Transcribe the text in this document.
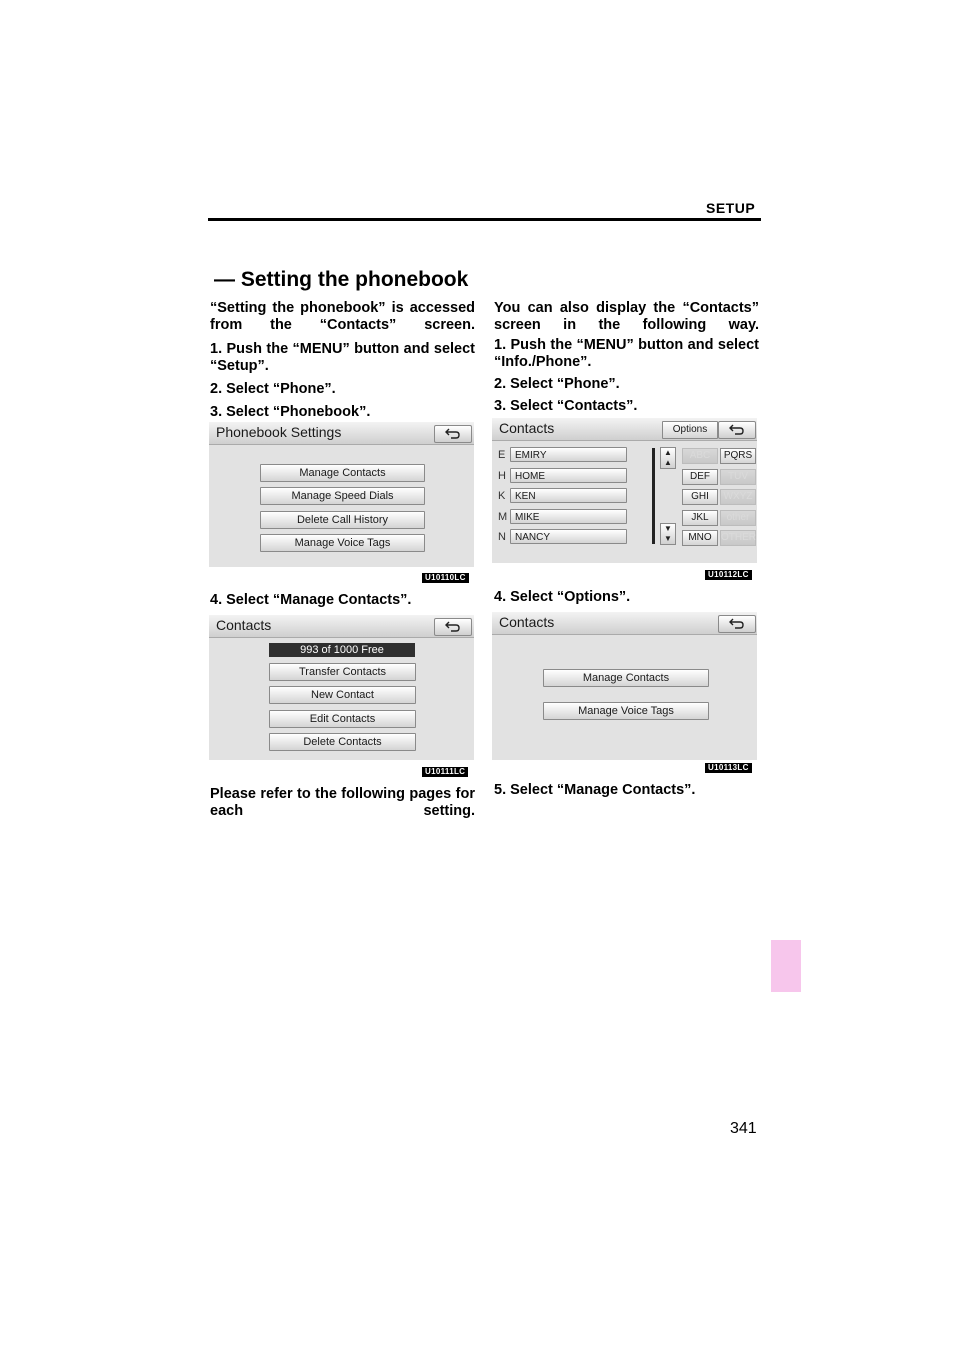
SETUP
— Setting the phonebook
“Setting the phonebook” is accessed from the “Contacts” screen.
1. Push the “MENU” button and select “Setup”.
2. Select “Phone”.
3. Select “Phonebook”.
Phonebook Settings
Manage Contacts
Manage Speed Dials
Delete Call History
Manage Voice Tags
U10110LC
4. Select “Manage Contacts”.
Contacts
993 of 1000 Free
Transfer Contacts
New Contact
Edit Contacts
Delete Contacts
U10111LC
Please refer to the following pages for each setting.
You can also display the “Contacts” screen in the following way.
1. Push the “MENU” button and select “Info./Phone”.
2. Select “Phone”.
3. Select “Contacts”.
Contacts	Options
E
H
K
M
N
EMIRY
HOME
KEN
MIKE
NANCY
▲
▲
▼
▼
ABC
DEF
GHI
JKL
MNO
PQRS
TUV
WXYZ
other
OTHER
U10112LC
4. Select “Options”.
Contacts
Manage Contacts
Manage Voice Tags
U10113LC
5. Select “Manage Contacts”.
341
